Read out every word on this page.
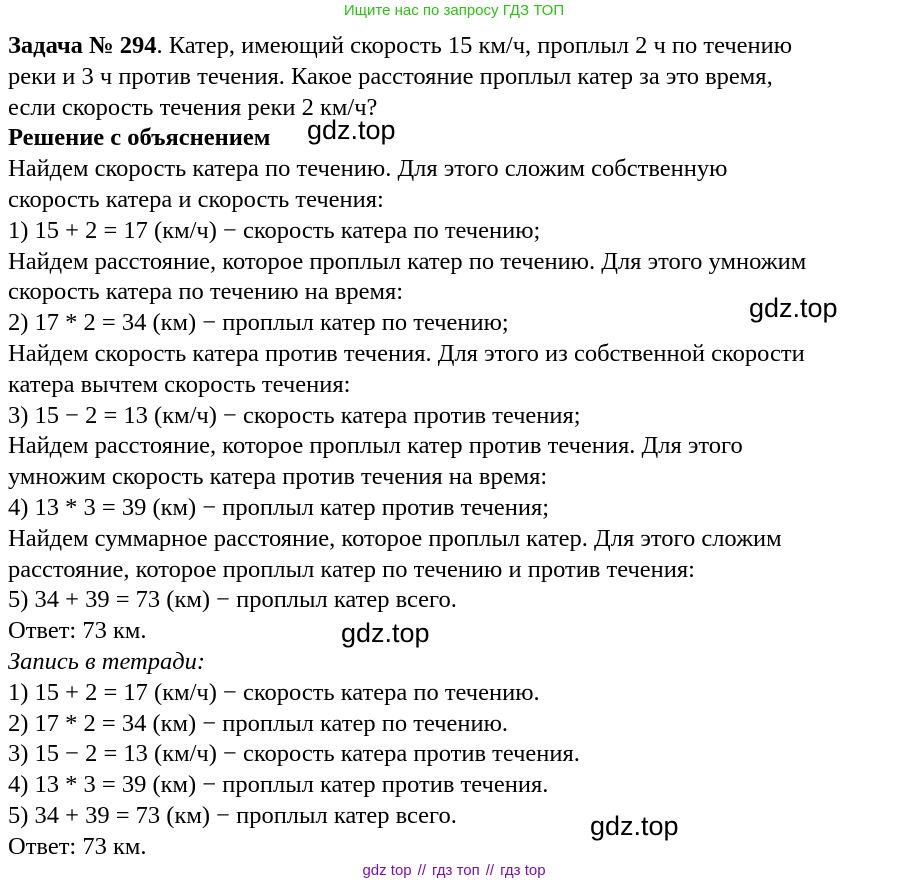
Ищите нас по запросу ГДЗ ТОП
Задача № 294. Катер, имеющий скорость 15 км/ч, проплыл 2 ч по течению
реки и 3 ч против течения. Какое расстояние проплыл катер за это время,
если скорость течения реки 2 км/ч?
Решение с объяснением
Найдем скорость катера по течению. Для этого сложим собственную
скорость катера и скорость течения:
1) 15 + 2 = 17 (км/ч) − скорость катера по течению;
Найдем расстояние, которое проплыл катер по течению. Для этого умножим
скорость катера по течению на время:
2) 17 * 2 = 34 (км) − проплыл катер по течению;
Найдем скорость катера против течения. Для этого из собственной скорости
катера вычтем скорость течения:
3) 15 − 2 = 13 (км/ч) − скорость катера против течения;
Найдем расстояние, которое проплыл катер против течения. Для этого
умножим скорость катера против течения на время:
4) 13 * 3 = 39 (км) − проплыл катер против течения;
Найдем суммарное расстояние, которое проплыл катер. Для этого сложим
расстояние, которое проплыл катер по течению и против течения:
5) 34 + 39 = 73 (км) − проплыл катер всего.
Ответ: 73 км.
Запись в тетради:
1) 15 + 2 = 17 (км/ч) − скорость катера по течению.
2) 17 * 2 = 34 (км) − проплыл катер по течению.
3) 15 − 2 = 13 (км/ч) − скорость катера против течения.
4) 13 * 3 = 39 (км) − проплыл катер против течения.
5) 34 + 39 = 73 (км) − проплыл катер всего.
Ответ: 73 км.
gdz.top
gdz.top
gdz.top
gdz.top
gdz top // гдз топ // гдз top
